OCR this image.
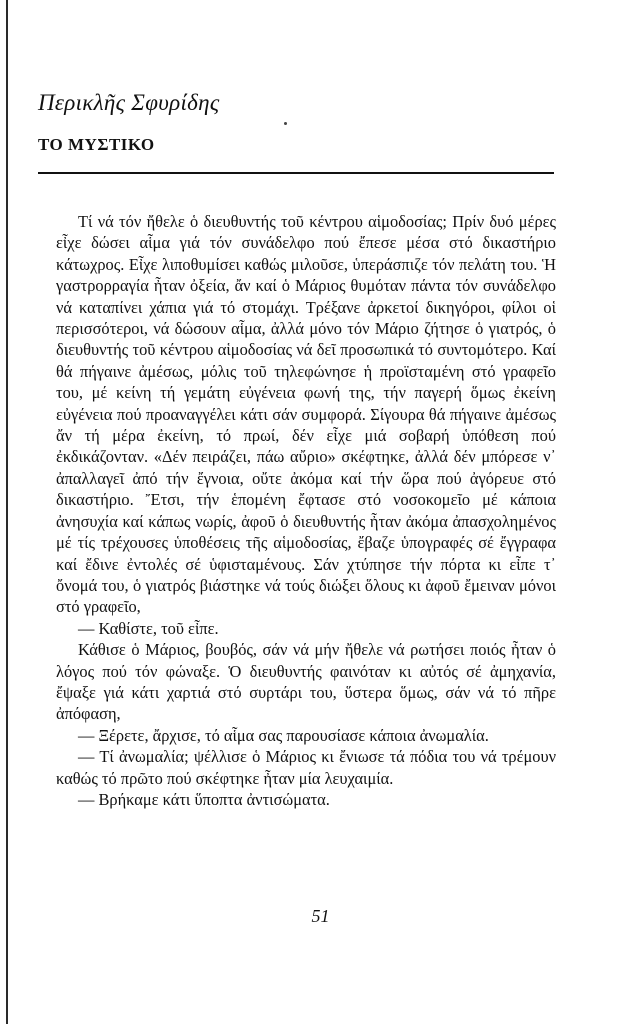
Περικλῆς Σφυρίδης
ΤΟ ΜΥΣΤΙΚΟ

Τί νά τόν ἤθελε ὁ διευθυντής τοῦ κέντρου αἱμοδοσίας; Πρίν δυό μέρες εἶχε δώσει αἷμα γιά τόν συνάδελφο πού ἔπεσε μέσα στό δικαστήριο κάτωχρος. Εἶχε λιποθυμίσει καθώς μιλοῦσε, ὑπεράσπιζε τόν πελάτη του. Ἡ γαστρορραγία ἦταν ὀξεία, ἄν καί ὁ Μάριος θυμόταν πάντα τόν συνάδελφο νά καταπίνει χάπια γιά τό στομάχι. Τρέξανε ἀρκετοί δικηγόροι, φίλοι οἱ περισσότεροι, νά δώσουν αἷμα, ἀλλά μόνο τόν Μάριο ζήτησε ὁ γιατρός, ὁ διευθυντής τοῦ κέντρου αἱμοδοσίας νά δεῖ προσωπικά τό συντομότερο. Καί θά πήγαινε ἀμέσως, μόλις τοῦ τηλεφώνησε ἡ προϊσταμένη στό γραφεῖο του, μέ κείνη τή γεμάτη εὐγένεια φωνή της, τήν παγερή ὅμως ἐκείνη εὐγένεια πού προαναγγέλει κάτι σάν συμφορά. Σίγουρα θά πήγαινε ἀμέσως ἄν τή μέρα ἐκείνη, τό πρωί, δέν εἶχε μιά σοβαρή ὑπόθεση πού ἐκδικάζονταν. «Δέν πειράζει, πάω αὔριο» σκέφτηκε, ἀλλά δέν μπόρεσε ν᾿ ἀπαλλαγεῖ ἀπό τήν ἔγνοια, οὔτε ἀκόμα καί τήν ὥρα πού ἀγόρευε στό δικαστήριο. Ἔτσι, τήν ἑπομένη ἔφτασε στό νοσοκομεῖο μέ κάποια ἀνησυχία καί κάπως νωρίς, ἀφοῦ ὁ διευθυντής ἦταν ἀκόμα ἀπασχολημένος μέ τίς τρέχουσες ὑποθέσεις τῆς αἱμοδοσίας, ἔβαζε ὑπογραφές σέ ἔγγραφα καί ἔδινε ἐντολές σέ ὑφισταμένους. Σάν χτύπησε τήν πόρτα κι εἶπε τ᾿ ὄνομά του, ὁ γιατρός βιάστηκε νά τούς διώξει ὅλους κι ἀφοῦ ἔμειναν μόνοι στό γραφεῖο,

— Καθίστε, τοῦ εἶπε.

Κάθισε ὁ Μάριος, βουβός, σάν νά μήν ἤθελε νά ρωτήσει ποιός ἦταν ὁ λόγος πού τόν φώναξε. Ὁ διευθυντής φαινόταν κι αὐτός σέ ἀμηχανία, ἔψαξε γιά κάτι χαρτιά στό συρτάρι του, ὕστερα ὅμως, σάν νά τό πῆρε ἀπόφαση,

— Ξέρετε, ἄρχισε, τό αἷμα σας παρουσίασε κάποια ἀνωμαλία.

— Τί ἀνωμαλία; ψέλλισε ὁ Μάριος κι ἔνιωσε τά πόδια του νά τρέμουν καθώς τό πρῶτο πού σκέφτηκε ἦταν μία λευχαιμία.

— Βρήκαμε κάτι ὕποπτα ἀντισώματα.

51
